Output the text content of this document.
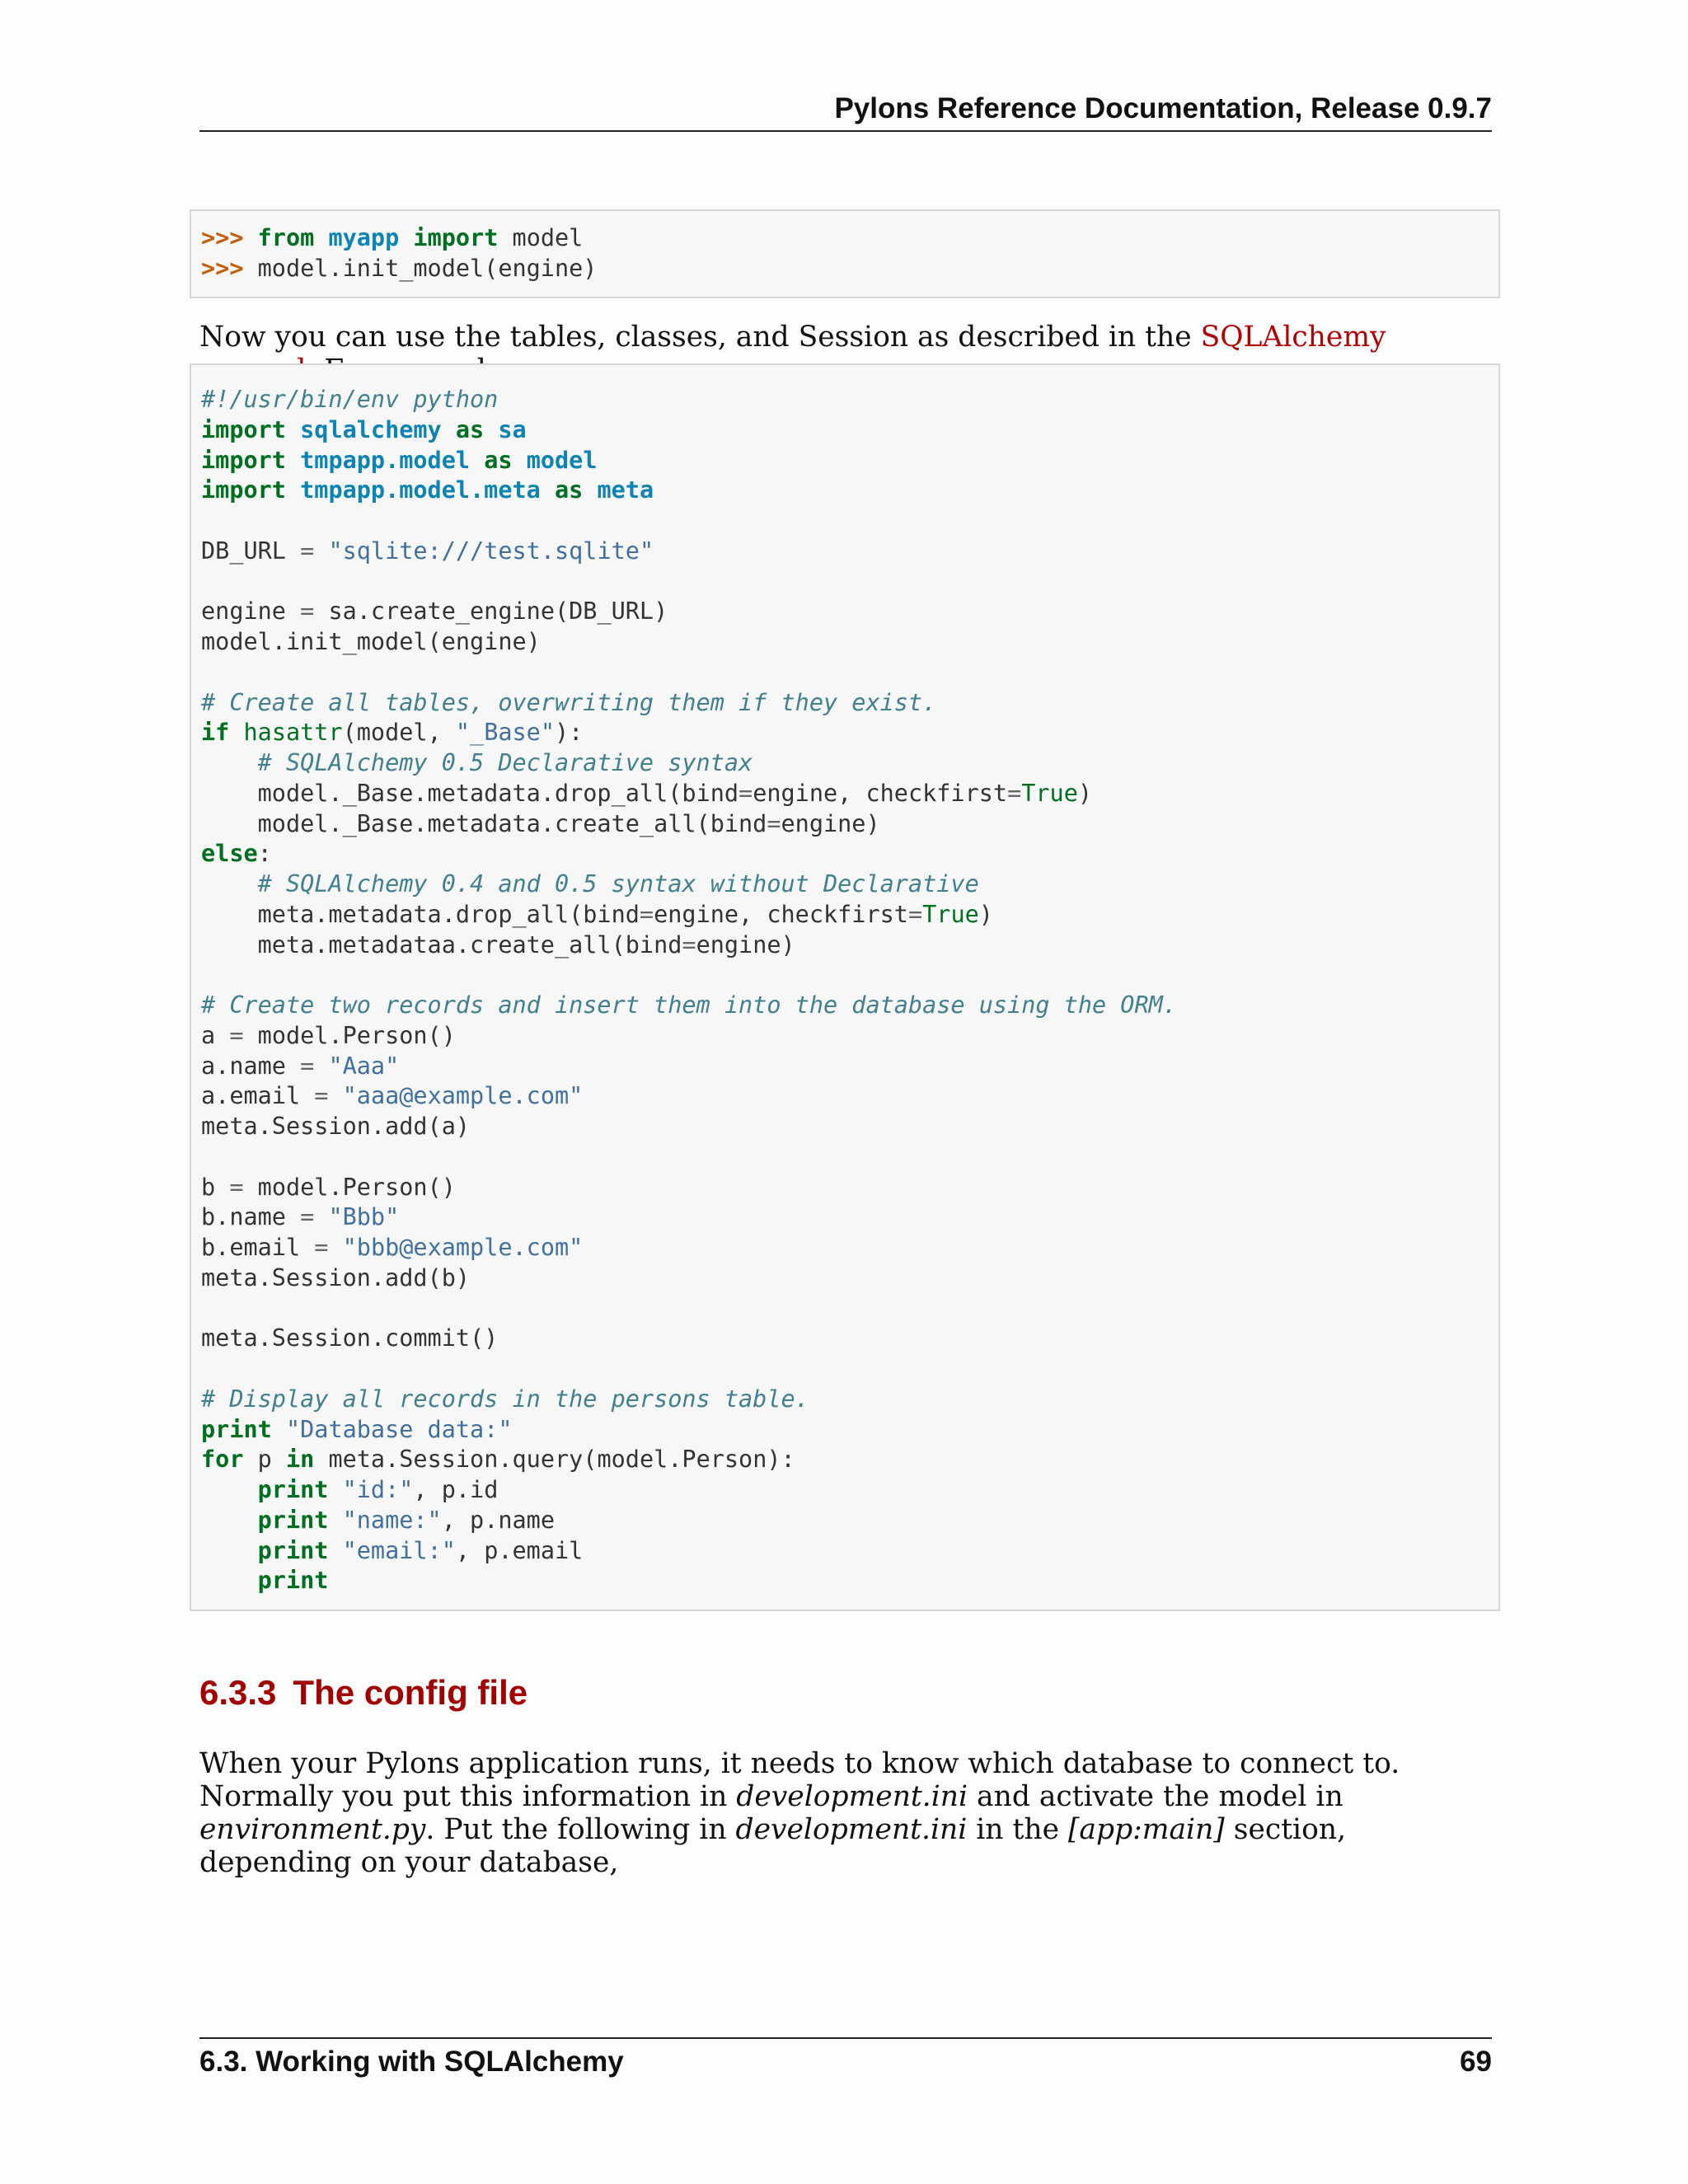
Pylons Reference Documentation, Release 0.9.7
>>> from myapp import model
>>> model.init_model(engine)
Now you can use the tables, classes, and Session as described in the SQLAlchemy
#!/usr/bin/env python
import sqlalchemy as sa
import tmpapp.model as model
import tmpapp.model.meta as meta
DB_URL = "sqlite:///test.sqlite"
engine = sa.create_engine(DB_URL)
model.init_model(engine)
# Create all tables, overwriting them if they exist.
if hasattr(model, "_Base"):
# SQLAlchemy 0.5 Declarative syntax
model._Base.metadata.drop_all(bind=engine, checkfirst=True)
model._Base.metadata.create_all(bind=engine)
else:
# SQLAlchemy 0.4 and 0.5 syntax without Declarative
meta.metadata.drop_all(bind=engine, checkfirst=True)
meta.metadataa.create_all(bind=engine)
# Create two records and insert them into the database using the ORM.
a = model.Person()
a.name = "Aaa"
a.email = "aaa@example.com"
meta.Session.add(a)
b = model.Person()
b.name = "Bbb"
b.email = "bbb@example.com"
meta.Session.add(b)
meta.Session.commit()
# Display all records in the persons table.
print "Database data:"
for p in meta.Session.query(model.Person):
print "id:", p.id
print "name:", p.name
print "email:", p.email
print
6.3.3 The config file
When your Pylons application runs, it needs to know which database to connect to. Normally you put this information in development.ini and activate the model in environment.py. Put the following in development.ini in the [app:main] section, depending on your database,
6.3. Working with SQLAlchemy	69
